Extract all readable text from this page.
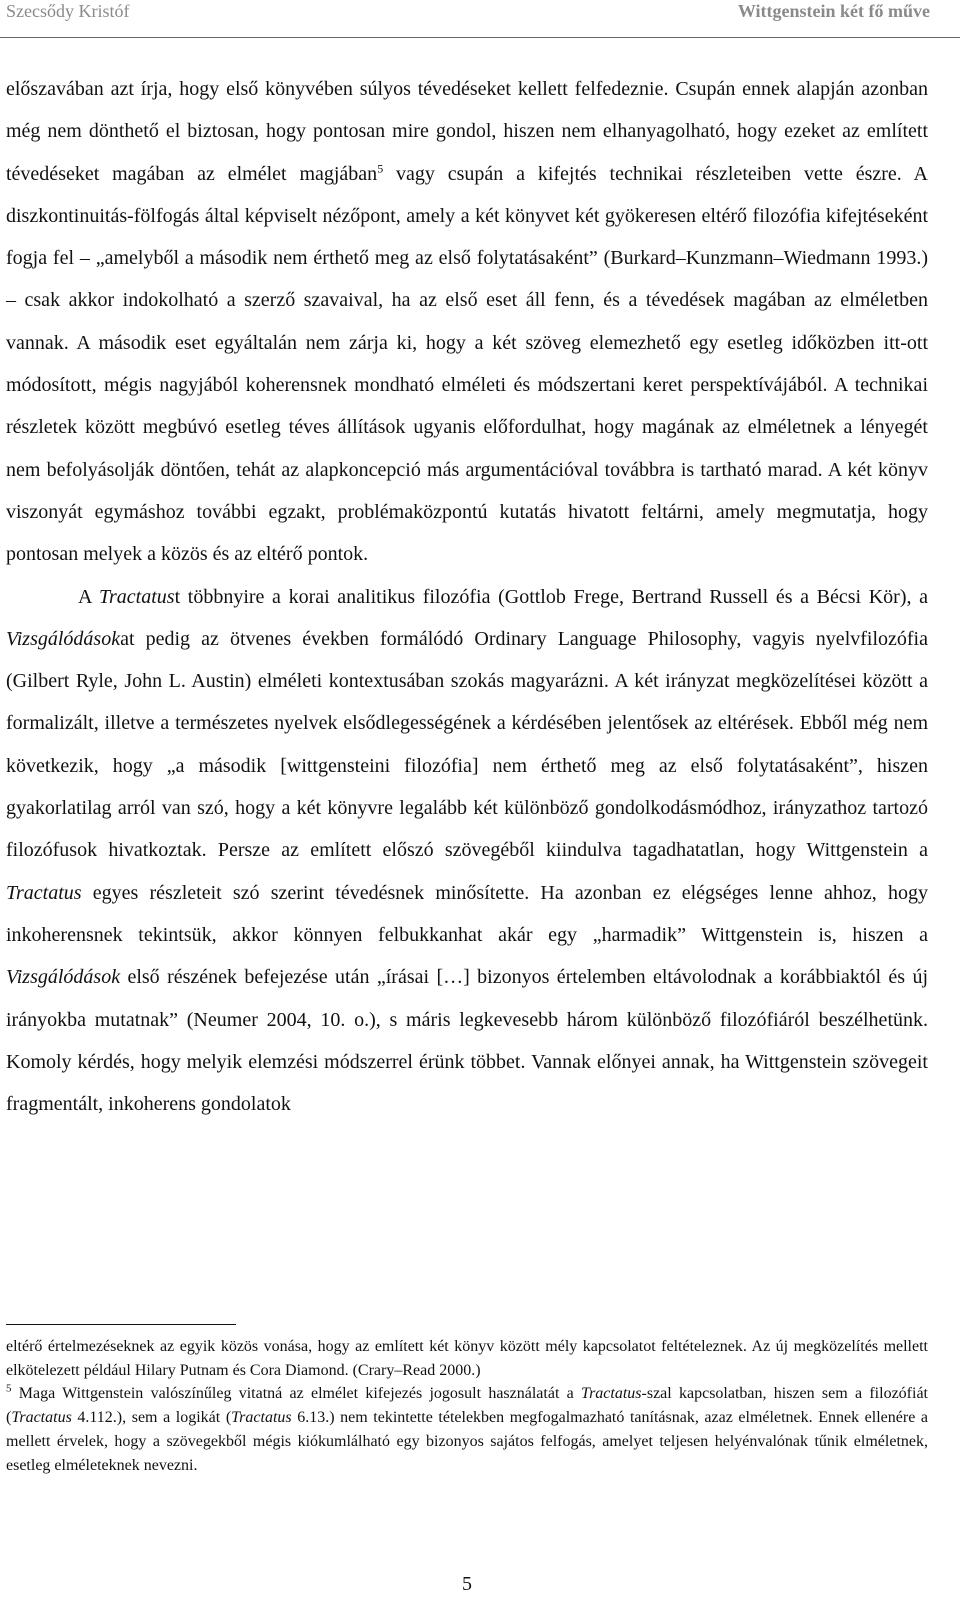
Szecsődy Kristóf	Wittgenstein két fő műve

előszavában azt írja, hogy első könyvében súlyos tévedéseket kellett felfedeznie. Csupán ennek alapján azonban még nem dönthető el biztosan, hogy pontosan mire gondol, hiszen nem elhanyagolható, hogy ezeket az említett tévedéseket magában az elmélet magjában$^5$ vagy csupán a kifejtés technikai részleteiben vette észre. A diszkontinuitás-fölfogás által képviselt nézőpont, amely a két könyvet két gyökeresen eltérő filozófia kifejtéseként fogja fel – „amelyből a második nem érthető meg az első folytatásaként” (Burkard–Kunzmann–Wiedmann 1993.) – csak akkor indokolható a szerző szavaival, ha az első eset áll fenn, és a tévedések magában az elméletben vannak. A második eset egyáltalán nem zárja ki, hogy a két szöveg elemezhető egy esetleg időközben itt-ott módosított, mégis nagyjából koherensnek mondható elméleti és módszertani keret perspektívájából. A technikai részletek között megbúvó esetleg téves állítások ugyanis előfordulhat, hogy magának az elméletnek a lényegét nem befolyásolják döntően, tehát az alapkoncepció más argumentációval továbbra is tartható marad. A két könyv viszonyát egymáshoz további egzakt, problémaközpontú kutatás hivatott feltárni, amely megmutatja, hogy pontosan melyek a közös és az eltérő pontok.

A Tractatust többnyire a korai analitikus filozófia (Gottlob Frege, Bertrand Russell és a Bécsi Kör), a Vizsgálódásokat pedig az ötvenes években formálódó Ordinary Language Philosophy, vagyis nyelvfilozófia (Gilbert Ryle, John L. Austin) elméleti kontextusában szokás magyarázni. A két irányzat megközelítései között a formalizált, illetve a természetes nyelvek elsődlegességének a kérdésében jelentősek az eltérések. Ebből még nem következik, hogy „a második [wittgensteini filozófia] nem érthető meg az első folytatásaként”, hiszen gyakorlatilag arról van szó, hogy a két könyvre legalább két különböző gondolkodásmódhoz, irányzathoz tartozó filozófusok hivatkoztak. Persze az említett előszó szövegéből kiindulva tagadhatatlan, hogy Wittgenstein a Tractatus egyes részleteit szó szerint tévedésnek minősítette. Ha azonban ez elégséges lenne ahhoz, hogy inkoherensnek tekintsük, akkor könnyen felbukkanhat akár egy „harmadik” Wittgenstein is, hiszen a Vizsgálódások első részének befejezése után „írásai […] bizonyos értelemben eltávolodnak a korábbiaktól és új irányokba mutatnak” (Neumer 2004, 10. o.), s máris legkevesebb három különböző filozófiáról beszélhetünk. Komoly kérdés, hogy melyik elemzési módszerrel érünk többet. Vannak előnyei annak, ha Wittgenstein szövegeit fragmentált, inkoherens gondolatok

eltérő értelmezéseknek az egyik közös vonása, hogy az említett két könyv között mély kapcsolatot feltételeznek. Az új megközelítés mellett elkötelezett például Hilary Putnam és Cora Diamond. (Crary–Read 2000.)

$^5$ Maga Wittgenstein valószínűleg vitatná az elmélet kifejezés jogosult használatát a Tractatus-szal kapcsolatban, hiszen sem a filozófiát (Tractatus 4.112.), sem a logikát (Tractatus 6.13.) nem tekintette tételekben megfogalmazható tanításnak, azaz elméletnek. Ennek ellenére a mellett érvelek, hogy a szövegekből mégis kiókumlálható egy bizonyos sajátos felfogás, amelyet teljesen helyénvalónak tűnik elméletnek, esetleg elméleteknek nevezni.

5
